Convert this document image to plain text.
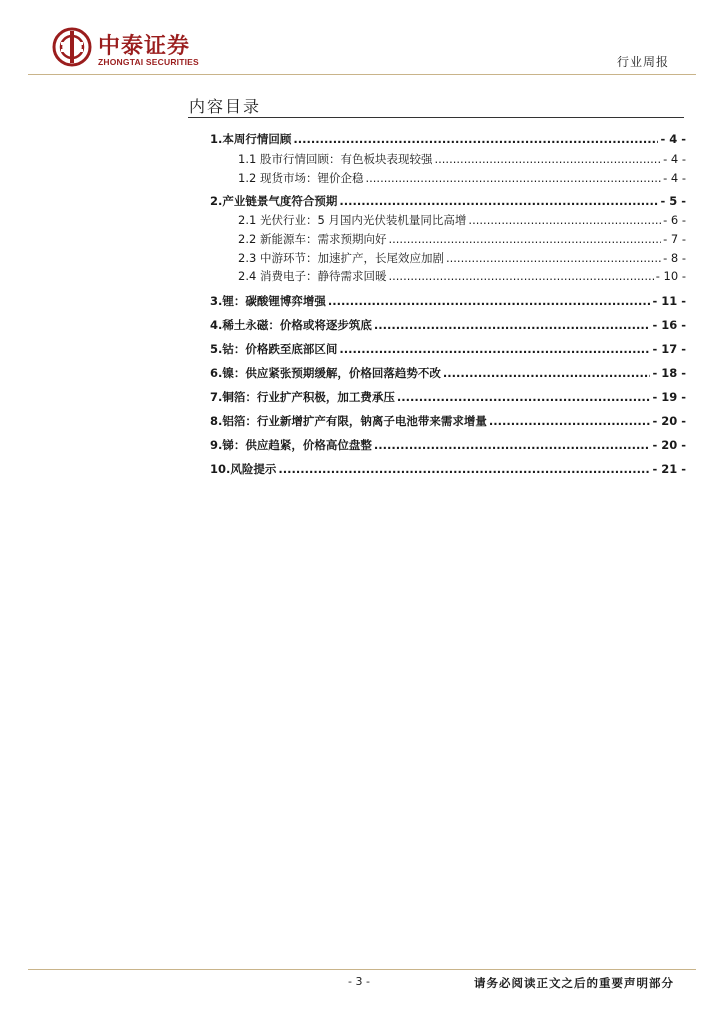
中泰证券
ZHONGTAI SECURITIES	行业周报
内容目录
1.本周行情回顾 .....	- 4 -
1.1 股市行情回顾：有色板块表现较强 .....	- 4 -
1.2 现货市场：锂价企稳 .....	- 4 -
2.产业链景气度符合预期 .....	- 5 -
2.1 光伏行业：5 月国内光伏装机量同比高增 .....	- 6 -
2.2 新能源车：需求预期向好 .....	- 7 -
2.3 中游环节：加速扩产，长尾效应加剧 .....	- 8 -
2.4 消费电子：静待需求回暖 .....	- 10 -
3.锂：碳酸锂博弈增强 .....	- 11 -
4.稀土永磁：价格或将逐步筑底 .....	- 16 -
5.钴：价格跌至底部区间 .....	- 17 -
6.镍：供应紧张预期缓解，价格回落趋势不改 .....	- 18 -
7.铜箔：行业扩产积极，加工费承压 .....	- 19 -
8.铝箔：行业新增扩产有限，钠离子电池带来需求增量 .....	- 20 -
9.锑：供应趋紧，价格高位盘整 .....	- 20 -
10.风险提示 .....	- 21 -
- 3 -	请务必阅读正文之后的重要声明部分
